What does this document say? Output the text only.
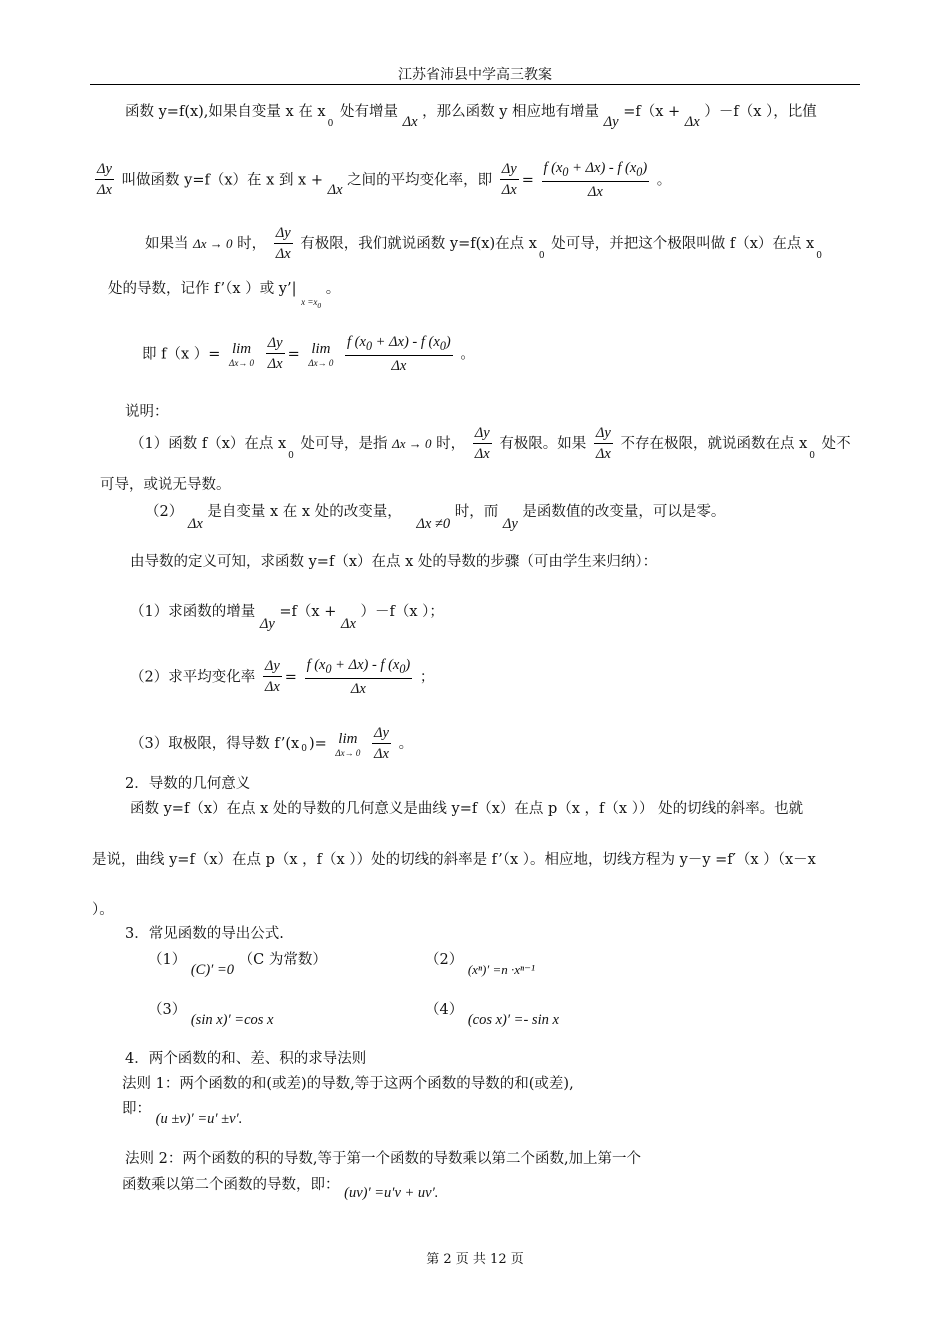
江苏省沛县中学高三教案
函数 y=f(x),如果自变量 x 在 $x_0$ 处有增量 Δx ，那么函数 y 相应地有增量 Δy =f（x + Δx ）－f（x ），比值
$\frac{\Delta y}{\Delta x}$ 叫做函数 y=f（x）在 x 到 x + Δx 之间的平均变化率，即 $\frac{\Delta y}{\Delta x} = \frac{f (x_0 + \Delta x) - f (x_0)}{\Delta x}$ 。
如果当 Δx → 0 时， $\frac{\Delta y}{\Delta x}$ 有极限，我们就说函数 y=f(x)在点 $x_0$ 处可导，并把这个极限叫做 f（x）在点 $x_0$
处的导数，记作 f’（x ）或 y’| $_{x =x_0}$ 。
即 f（x ）= lim
Δx→ 0
$\frac{\Delta y}{\Delta x} = \lim$
Δx→ 0
$\frac{f (x_0 + \Delta x) - f (x_0)}{\Delta x}$ 。
说明：
（1）函数 f（x）在点 $x_0$ 处可导，是指 Δx → 0 时， $\frac{\Delta y}{\Delta x}$ 有极限。如果 $\frac{\Delta y}{\Delta x}$ 不存在极限，就说函数在点 $x_0$ 处不
可导，或说无导数。
（2） Δx 是自变量 x 在 x 处的改变量， Δx ≠0 时，而 Δy 是函数值的改变量，可以是零。
由导数的定义可知，求函数 y=f（x）在点 x 处的导数的步骤（可由学生来归纳）：
（1）求函数的增量 Δy =f（x + Δx ）－f（x ）；
（2）求平均变化率 $\frac{\Delta y}{\Delta x} = \frac{f (x_0 + \Delta x) - f (x_0)}{\Delta x}$ ；
（3）取极限，得导数 f’(x $_0$ )= lim
Δx→ 0
$\frac{\Delta y}{\Delta x}$ 。
2．导数的几何意义
函数 y=f（x）在点 x 处的导数的几何意义是曲线 y=f（x）在点 p（x ，f（x ）） 处的切线的斜率。也就
是说，曲线 y=f（x）在点 p（x ，f（x ））处的切线的斜率是 f’（x ）。相应地，切线方程为 y－y =f′（x ）（x－x
）。
3．常见函数的导出公式.
（1） (C)′ =0 （C 为常数）	（2） (xⁿ)′ =n ·xⁿ⁻¹
（3） (sin x)′ =cos x
（4） (cos x)′ =- sin x
4．两个函数的和、差、积的求导法则
法则 1：两个函数的和(或差)的导数,等于这两个函数的导数的和(或差),
即： (u ±v)′ =u′ ±v′.
法则 2：两个函数的积的导数,等于第一个函数的导数乘以第二个函数,加上第一个
函数乘以第二个函数的导数，即： (uv)′ =u′v + uv′.
第 2 页 共 12 页
